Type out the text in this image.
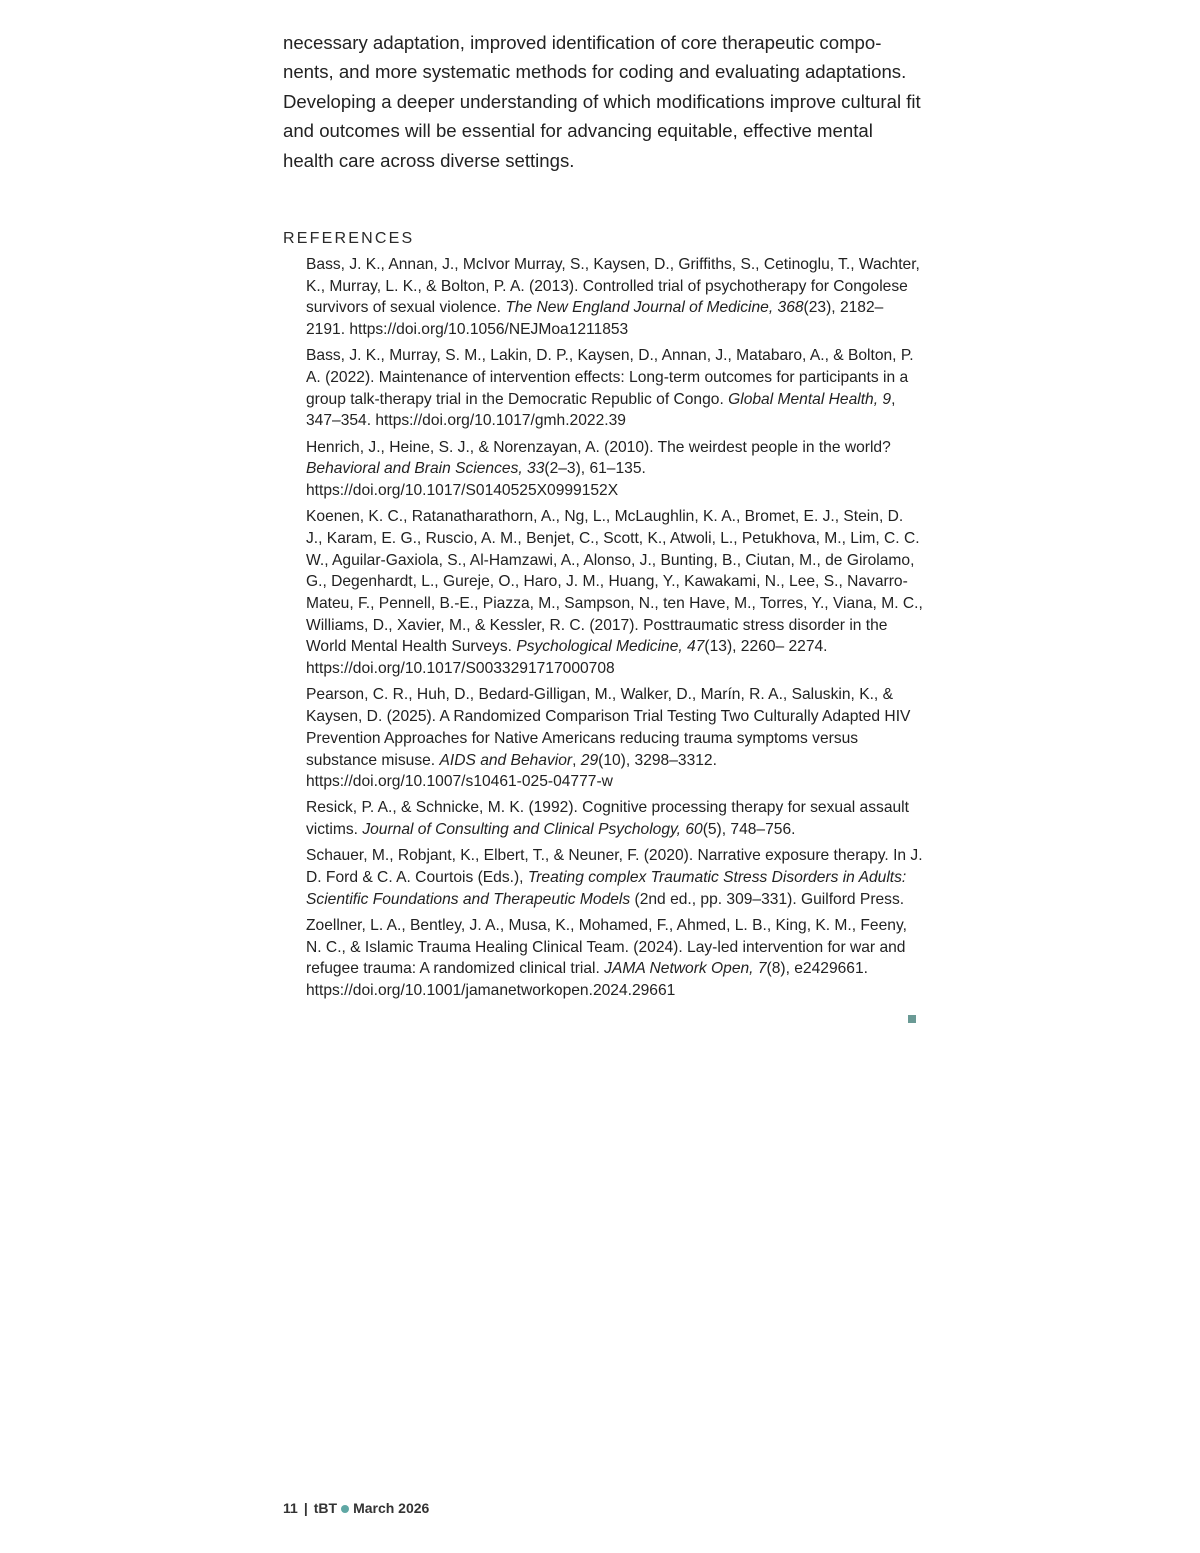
necessary adaptation, improved identification of core therapeutic components, and more systematic methods for coding and evaluating adaptations. Developing a deeper understanding of which modifications improve cultural fit and outcomes will be essential for advancing equitable, effective mental health care across diverse settings.

REFERENCES
Bass, J. K., Annan, J., McIvor Murray, S., Kaysen, D., Griffiths, S., Cetinoglu, T., Wachter, K., Murray, L. K., & Bolton, P. A. (2013). Controlled trial of psychotherapy for Congolese survivors of sexual violence. The New England Journal of Medicine, 368(23), 2182– 2191. https://doi.org/10.1056/NEJMoa1211853
Bass, J. K., Murray, S. M., Lakin, D. P., Kaysen, D., Annan, J., Matabaro, A., & Bolton, P. A. (2022). Maintenance of intervention effects: Long-term outcomes for participants in a group talk-therapy trial in the Democratic Republic of Congo. Global Mental Health, 9, 347–354. https://doi.org/10.1017/gmh.2022.39
Henrich, J., Heine, S. J., & Norenzayan, A. (2010). The weirdest people in the world? Behavioral and Brain Sciences, 33(2–3), 61–135. https://doi.org/10.1017/S0140525X0999152X
Koenen, K. C., Ratanatharathorn, A., Ng, L., McLaughlin, K. A., Bromet, E. J., Stein, D. J., Karam, E. G., Ruscio, A. M., Benjet, C., Scott, K., Atwoli, L., Petukhova, M., Lim, C. C. W., Aguilar-Gaxiola, S., Al-Hamzawi, A., Alonso, J., Bunting, B., Ciutan, M., de Girolamo, G., Degenhardt, L., Gureje, O., Haro, J. M., Huang, Y., Kawakami, N., Lee, S., Navarro-Mateu, F., Pennell, B.-E., Piazza, M., Sampson, N., ten Have, M., Torres, Y., Viana, M. C., Williams, D., Xavier, M., & Kessler, R. C. (2017). Posttraumatic stress disorder in the World Mental Health Surveys. Psychological Medicine, 47(13), 2260– 2274. https://doi.org/10.1017/S0033291717000708
Pearson, C. R., Huh, D., Bedard-Gilligan, M., Walker, D., Marín, R. A., Saluskin, K., & Kaysen, D. (2025). A Randomized Comparison Trial Testing Two Culturally Adapted HIV Prevention Approaches for Native Americans reducing trauma symptoms versus substance misuse. AIDS and Behavior, 29(10), 3298–3312. https://doi.org/10.1007/s10461-025-04777-w
Resick, P. A., & Schnicke, M. K. (1992). Cognitive processing therapy for sexual assault victims. Journal of Consulting and Clinical Psychology, 60(5), 748–756.
Schauer, M., Robjant, K., Elbert, T., & Neuner, F. (2020). Narrative exposure therapy. In J. D. Ford & C. A. Courtois (Eds.), Treating complex Traumatic Stress Disorders in Adults: Scientific Foundations and Therapeutic Models (2nd ed., pp. 309–331). Guilford Press.
Zoellner, L. A., Bentley, J. A., Musa, K., Mohamed, F., Ahmed, L. B., King, K. M., Feeny, N. C., & Islamic Trauma Healing Clinical Team. (2024). Lay-led intervention for war and refugee trauma: A randomized clinical trial. JAMA Network Open, 7(8), e2429661. https://doi.org/10.1001/jamanetworkopen.2024.29661
11 | tBT March 2026
